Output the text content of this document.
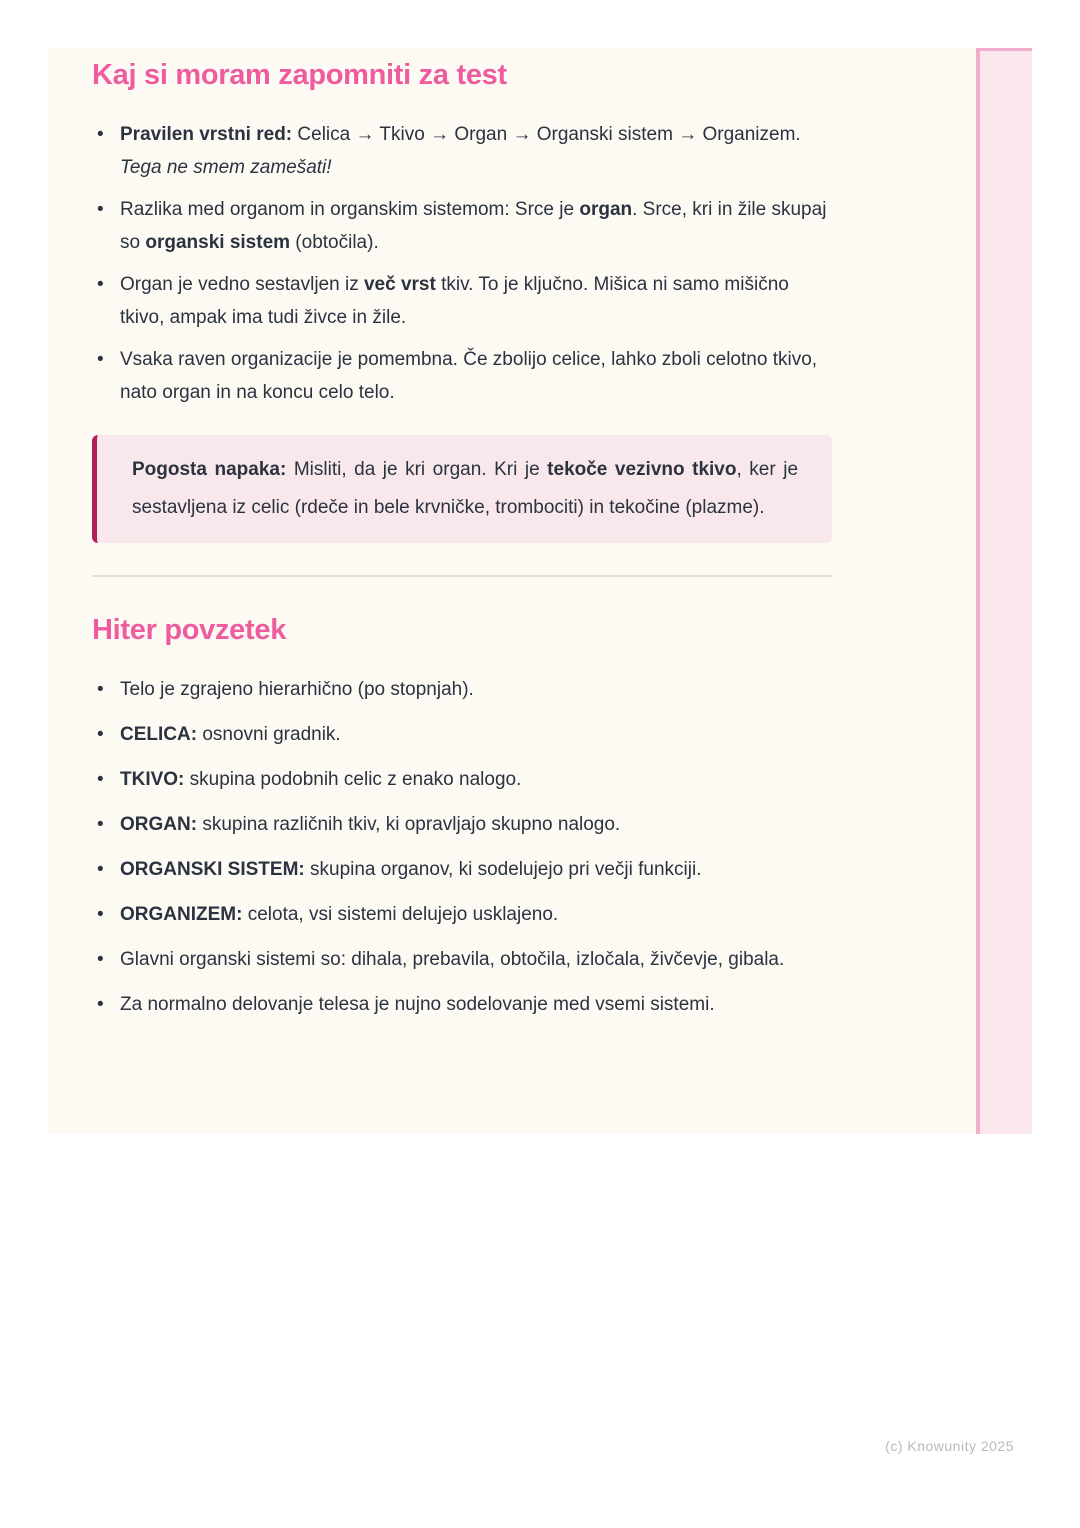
Kaj si moram zapomniti za test
• Pravilen vrstni red: Celica → Tkivo → Organ → Organski sistem → Organizem. Tega ne smem zamešati!
• Razlika med organom in organskim sistemom: Srce je organ. Srce, kri in žile skupaj so organski sistem (obtočila).
• Organ je vedno sestavljen iz več vrst tkiv. To je ključno. Mišica ni samo mišično tkivo, ampak ima tudi živce in žile.
• Vsaka raven organizacije je pomembna. Če zbolijo celice, lahko zboli celotno tkivo, nato organ in na koncu celo telo.

Pogosta napaka: Misliti, da je kri organ. Kri je tekoče vezivno tkivo, ker je sestavljena iz celic (rdeče in bele krvničke, trombociti) in tekočine (plazme).

Hiter povzetek
• Telo je zgrajeno hierarhično (po stopnjah).
• CELICA: osnovni gradnik.
• TKIVO: skupina podobnih celic z enako nalogo.
• ORGAN: skupina različnih tkiv, ki opravljajo skupno nalogo.
• ORGANSKI SISTEM: skupina organov, ki sodelujejo pri večji funkciji.
• ORGANIZEM: celota, vsi sistemi delujejo usklajeno.
• Glavni organski sistemi so: dihala, prebavila, obtočila, izločala, živčevje, gibala.
• Za normalno delovanje telesa je nujno sodelovanje med vsemi sistemi.
(c) Knowunity 2025
